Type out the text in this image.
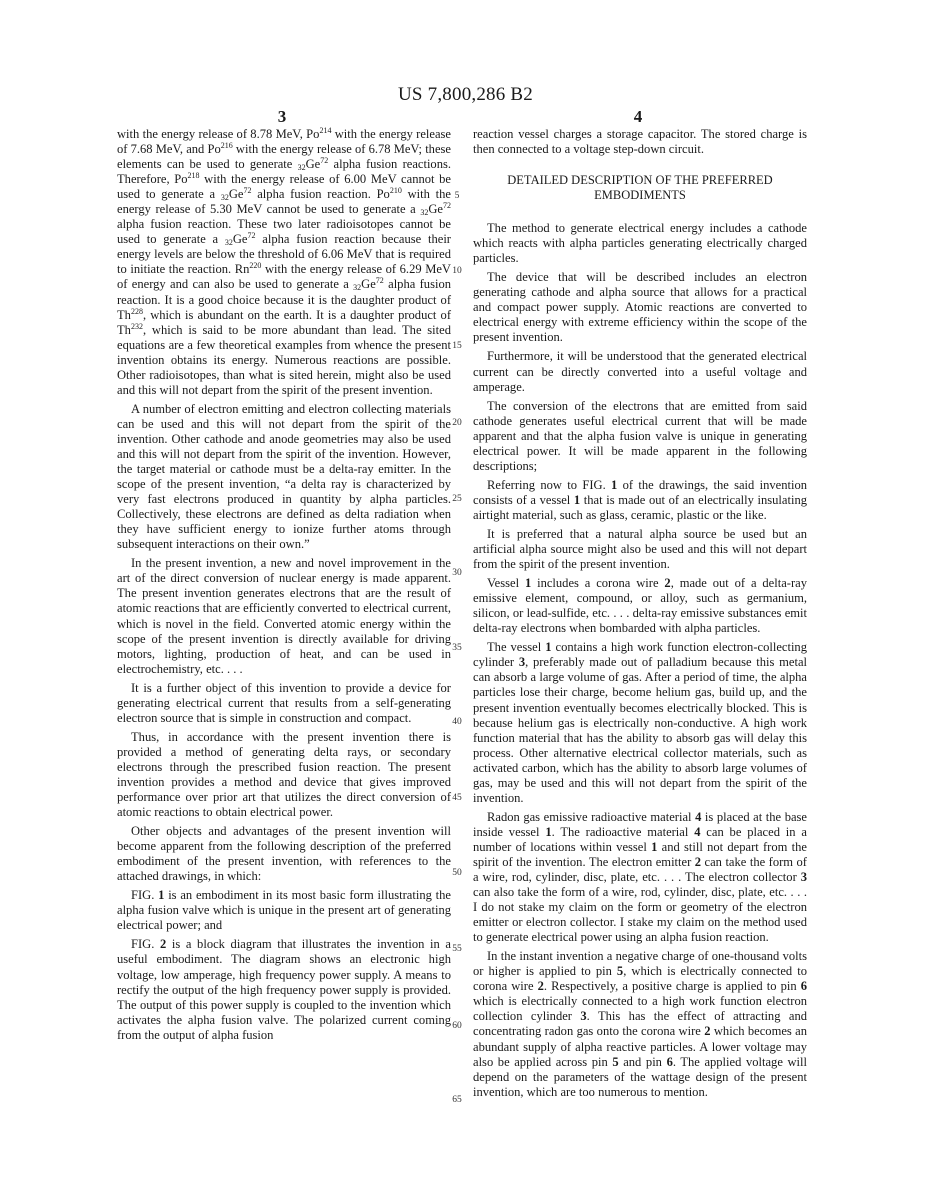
US 7,800,286 B2
3	4

with the energy release of 8.78 MeV, Po$^{214}$ with the energy release of 7.68 MeV, and Po$^{216}$ with the energy release of 6.78 MeV; these elements can be used to generate $_{32}Ge^{72}$ alpha fusion reactions. Therefore, Po$^{218}$ with the energy release of 6.00 MeV cannot be used to generate a $_{32}Ge^{72}$ alpha fusion reaction. Po$^{210}$ with the energy release of 5.30 MeV cannot be used to generate a $_{32}Ge^{72}$ alpha fusion reaction. These two later radioisotopes cannot be used to generate a $_{32}Ge^{72}$ alpha fusion reaction because their energy levels are below the threshold of 6.06 MeV that is required to initiate the reaction. Rn$^{220}$ with the energy release of 6.29 MeV of energy and can also be used to generate a $_{32}Ge^{72}$ alpha fusion reaction. It is a good choice because it is the daughter product of Th$^{228}$, which is abundant on the earth. It is a daughter product of Th$^{232}$, which is said to be more abundant than lead. The sited equations are a few theoretical examples from whence the present invention obtains its energy. Numerous reactions are possible. Other radioisotopes, than what is sited herein, might also be used and this will not depart from the spirit of the present invention.

A number of electron emitting and electron collecting materials can be used and this will not depart from the spirit of the invention. Other cathode and anode geometries may also be used and this will not depart from the spirit of the invention. However, the target material or cathode must be a delta-ray emitter. In the scope of the present invention, “a delta ray is characterized by very fast electrons produced in quantity by alpha particles. Collectively, these electrons are defined as delta radiation when they have sufficient energy to ionize further atoms through subsequent interactions on their own.”

In the present invention, a new and novel improvement in the art of the direct conversion of nuclear energy is made apparent. The present invention generates electrons that are the result of atomic reactions that are efficiently converted to electrical current, which is novel in the field. Converted atomic energy within the scope of the present invention is directly available for driving motors, lighting, production of heat, and can be used in electrochemistry, etc. . . .

It is a further object of this invention to provide a device for generating electrical current that results from a self-generating electron source that is simple in construction and compact.

Thus, in accordance with the present invention there is provided a method of generating delta rays, or secondary electrons through the prescribed fusion reaction. The present invention provides a method and device that gives improved performance over prior art that utilizes the direct conversion of atomic reactions to obtain electrical power.

Other objects and advantages of the present invention will become apparent from the following description of the preferred embodiment of the present invention, with references to the attached drawings, in which:

FIG. 1 is an embodiment in its most basic form illustrating the alpha fusion valve which is unique in the present art of generating electrical power; and

FIG. 2 is a block diagram that illustrates the invention in a useful embodiment. The diagram shows an electronic high voltage, low amperage, high frequency power supply. A means to rectify the output of the high frequency power supply is provided. The output of this power supply is coupled to the invention which activates the alpha fusion valve. The polarized current coming from the output of alpha fusion

reaction vessel charges a storage capacitor. The stored charge is then connected to a voltage step-down circuit.

DETAILED DESCRIPTION OF THE PREFERRED
EMBODIMENTS

The method to generate electrical energy includes a cathode which reacts with alpha particles generating electrically charged particles.

The device that will be described includes an electron generating cathode and alpha source that allows for a practical and compact power supply. Atomic reactions are converted to electrical energy with extreme efficiency within the scope of the present invention.

Furthermore, it will be understood that the generated electrical current can be directly converted into a useful voltage and amperage.

The conversion of the electrons that are emitted from said cathode generates useful electrical current that will be made apparent and that the alpha fusion valve is unique in generating electrical power. It will be made apparent in the following descriptions;

Referring now to FIG. 1 of the drawings, the said invention consists of a vessel 1 that is made out of an electrically insulating airtight material, such as glass, ceramic, plastic or the like.

It is preferred that a natural alpha source be used but an artificial alpha source might also be used and this will not depart from the spirit of the present invention.

Vessel 1 includes a corona wire 2, made out of a delta-ray emissive element, compound, or alloy, such as germanium, silicon, or lead-sulfide, etc. . . . delta-ray emissive substances emit delta-ray electrons when bombarded with alpha particles.

The vessel 1 contains a high work function electron-collecting cylinder 3, preferably made out of palladium because this metal can absorb a large volume of gas. After a period of time, the alpha particles lose their charge, become helium gas, build up, and the present invention eventually becomes electrically blocked. This is because helium gas is electrically non-conductive. A high work function material that has the ability to absorb gas will delay this process. Other alternative electrical collector materials, such as activated carbon, which has the ability to absorb large volumes of gas, may be used and this will not depart from the spirit of the invention.

Radon gas emissive radioactive material 4 is placed at the base inside vessel 1. The radioactive material 4 can be placed in a number of locations within vessel 1 and still not depart from the spirit of the invention. The electron emitter 2 can take the form of a wire, rod, cylinder, disc, plate, etc. . . . The electron collector 3 can also take the form of a wire, rod, cylinder, disc, plate, etc. . . . I do not stake my claim on the form or geometry of the electron emitter or electron collector. I stake my claim on the method used to generate electrical power using an alpha fusion reaction.

In the instant invention a negative charge of one-thousand volts or higher is applied to pin 5, which is electrically connected to corona wire 2. Respectively, a positive charge is applied to pin 6 which is electrically connected to a high work function electron collection cylinder 3. This has the effect of attracting and concentrating radon gas onto the corona wire 2 which becomes an abundant supply of alpha reactive particles. A lower voltage may also be applied across pin 5 and pin 6. The applied voltage will depend on the parameters of the wattage design of the present invention, which are too numerous to mention.

5
10
15
20
25
30
35
40
45
50
55
60
65
